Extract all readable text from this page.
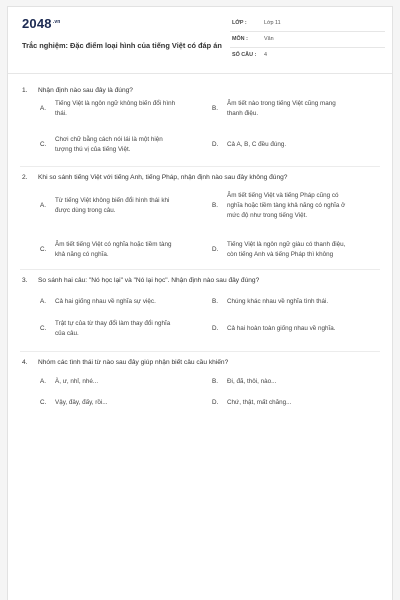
$2048^{.vn}$
Trắc nghiệm: Đặc điểm loại hình của tiếng Việt có đáp án
LỚP :	Lớp 11
MÔN :	Văn
SỐ CÂU : 4
1. Nhận định nào sau đây là đúng?
A.
Tiếng Việt là ngôn ngữ không biến đổi hình
thái.
B.
Âm tiết nào trong tiếng Việt cũng mang
thanh điệu.
C.
Chơi chữ bằng cách nói lái là một hiện
tượng thú vị của tiếng Việt.
D. Cả A, B, C đều đúng.
2. Khi so sánh tiếng Việt với tiếng Anh, tiếng Pháp, nhận định nào sau đây không đúng?
A.
Từ tiếng Việt không biến đổi hình thái khi
được dùng trong câu.
B.
Âm tiết tiếng Việt và tiếng Pháp cũng có
nghĩa hoặc tiềm tàng khả năng có nghĩa ở
mức độ như trong tiếng Việt.
C.
Âm tiết tiếng Việt có nghĩa hoặc tiềm tàng
khả năng có nghĩa.
D.
Tiếng Việt là ngôn ngữ giàu có thanh điệu,
còn tiếng Anh và tiếng Pháp thì không
3. So sánh hai câu: "Nó học lại" và "Nó lại học". Nhận định nào sau đây đúng?
A. Cả hai giống nhau về nghĩa sự việc.	B. Chúng khác nhau về nghĩa tình thái.
C.
Trật tự của từ thay đổi làm thay đổi nghĩa
của câu.
D. Cả hai hoàn toàn giống nhau về nghĩa.
4. Nhóm các tình thái từ nào sau đây giúp nhận biết câu cầu khiến?
A. À, ư, nhỉ, nhé...	B. Đi, đã, thôi, nào...
C. Vậy, đây, đấy, rồi...	D. Chứ, thật, mất chăng...
